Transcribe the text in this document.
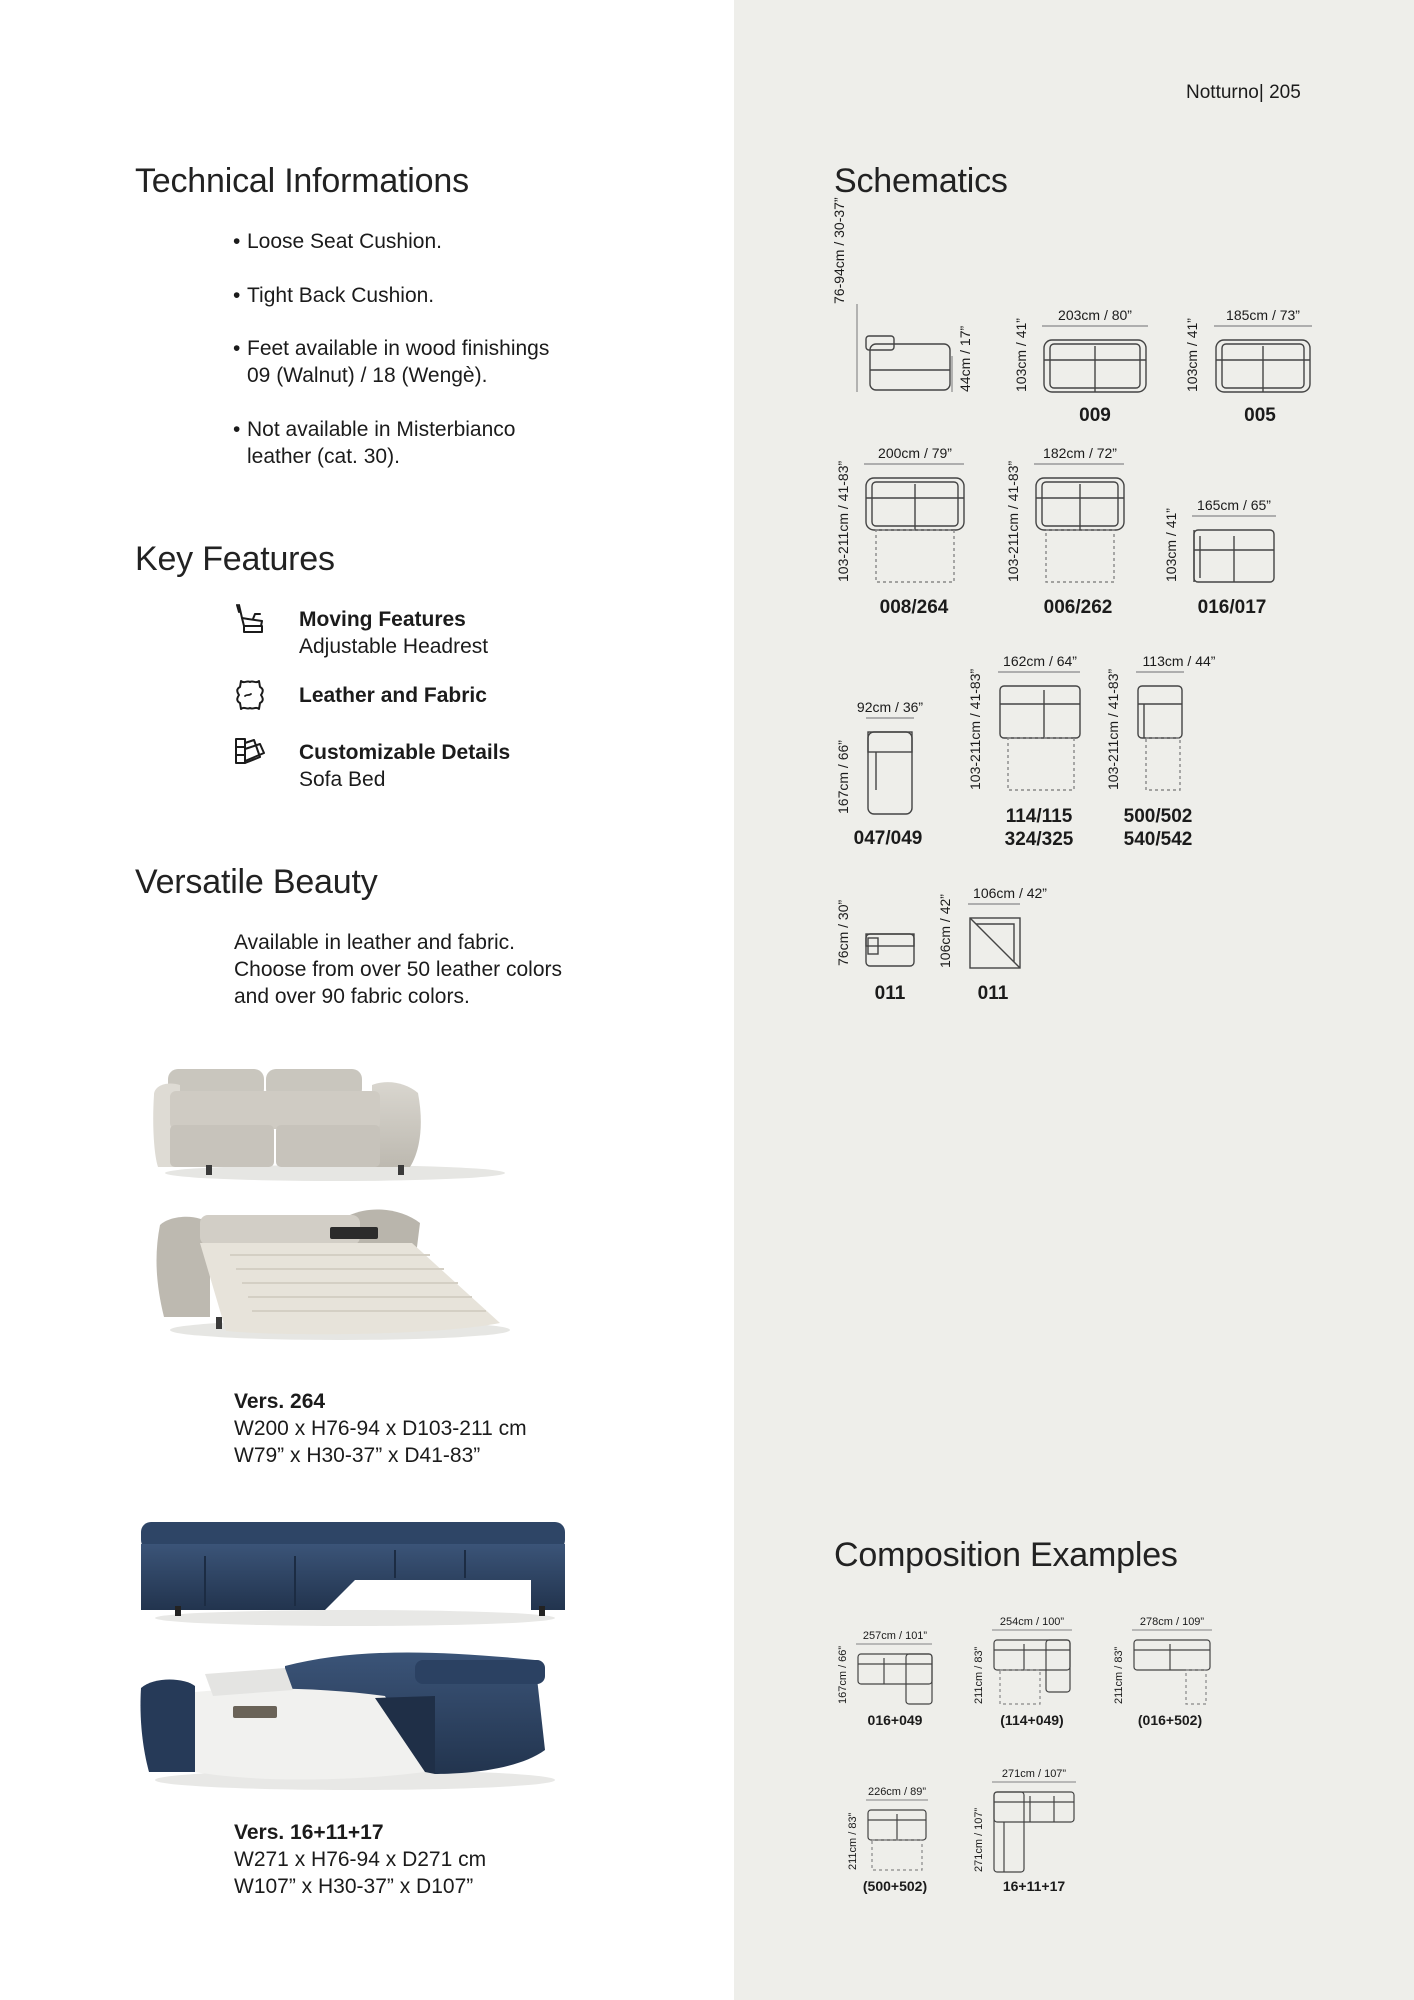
Notturno| 205
Technical Informations
• Loose Seat Cushion.
• Tight Back Cushion.
• Feet available in wood finishings
09 (Walnut) / 18 (Wengè).
• Not available in Misterbianco
leather (cat. 30).
Key Features
Moving Features
Adjustable Headrest
Leather and Fabric
Customizable Details
Sofa Bed
Versatile Beauty
Available in leather and fabric.
Choose from over 50 leather colors
and over 90 fabric colors.
Vers. 264
W200 x H76-94 x D103-211 cm
W79” x H30-37” x D41-83”
Vers. 16+11+17
W271 x H76-94 x D271 cm
W107” x H30-37” x D107”
Schematics
Composition Examples
76-94cm / 30-37”
44cm / 17”
203cm / 80”
103cm / 41”
185cm / 73”
103cm / 41”
200cm / 79”
103-211cm / 41-83”
182cm / 72”
103-211cm / 41-83”	165cm / 65”
103cm / 41”
92cm / 36”
167cm / 66”
162cm / 64”
103-211cm / 41-83”
113cm / 44”
103-211cm / 41-83”
76cm / 30”
106cm / 42”
106cm / 42”
009	005
008/264	006/262	016/017
047/049
114/115
324/325
500/502
540/542
011	011
257cm / 101”
167cm / 66”
254cm / 100”
211cm / 83”
278cm / 109”
211cm / 83”
226cm / 89”
211cm / 83”
271cm / 107”
271cm / 107”
016+049	(114+049)	(016+502)
(500+502)	16+11+17
